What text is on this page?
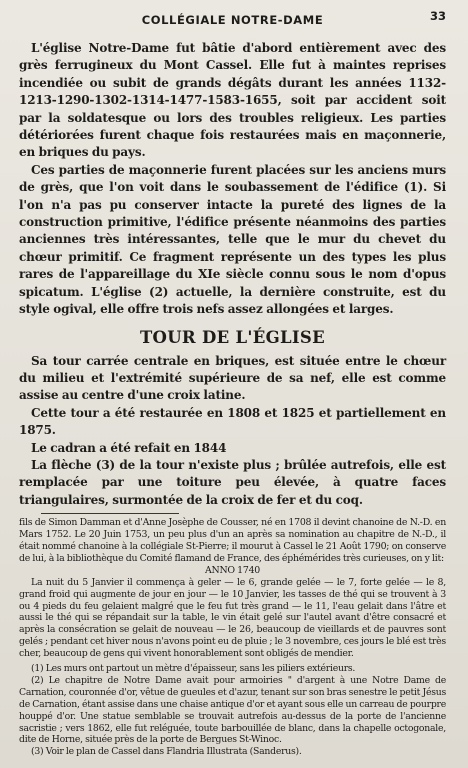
COLLÉGIALE NOTRE-DAME	33

L'église Notre-Dame fut bâtie d'abord entièrement avec des grès ferrugineux du Mont Cassel. Elle fut à maintes reprises incendiée ou subit de grands dégâts durant les années 1132-1213-1290-1302-1314-1477-1583-1655, soit par accident soit par la soldatesque ou lors des troubles religieux. Les parties détériorées furent chaque fois restaurées mais en maçonnerie, en briques du pays.

Ces parties de maçonnerie furent placées sur les anciens murs de grès, que l'on voit dans le soubassement de l'édifice (1). Si l'on n'a pas pu conserver intacte la pureté des lignes de la construction primitive, l'édifice présente néanmoins des parties anciennes très intéressantes, telle que le mur du chevet du chœur primitif. Ce fragment représente un des types les plus rares de l'appareillage du XIe siècle connu sous le nom d'opus spicatum. L'église (2) actuelle, la dernière construite, est du style ogival, elle offre trois nefs assez allongées et larges.

TOUR DE L'ÉGLISE

Sa tour carrée centrale en briques, est située entre le chœur du milieu et l'extrémité supérieure de sa nef, elle est comme assise au centre d'une croix latine.

Cette tour a été restaurée en 1808 et 1825 et partiellement en 1875.

Le cadran a été refait en 1844

La flèche (3) de la tour n'existe plus ; brûlée autrefois, elle est remplacée par une toiture peu élevée, à quatre faces triangulaires, surmontée de la croix de fer et du coq.

fils de Simon Damman et d'Anne Josèphe de Cousser, né en 1708 il devint chanoine de N.-D. en Mars 1752. Le 20 Juin 1753, un peu plus d'un an après sa nomination au chapitre de N.-D., il était nommé chanoine à la collégiale St-Pierre; il mourut à Cassel le 21 Août 1790; on conserve de lui, à la bibliothèque du Comité flamand de France, des éphémérides très curieuses, on y lit:

ANNO 1740

La nuit du 5 Janvier il commença à geler — le 6, grande gelée — le 7, forte gelée — le 8, grand froid qui augmente de jour en jour — le 10 Janvier, les tasses de thé qui se trouvent à 3 ou 4 pieds du feu gelaient malgré que le feu fut très grand — le 11, l'eau gelait dans l'âtre et aussi le thé qui se répandait sur la table, le vin était gelé sur l'autel avant d'être consacré et après la consécration se gelait de nouveau — le 26, beaucoup de vieillards et de pauvres sont gelés ; pendant cet hiver nous n'avons point eu de pluie ; le 3 novembre, ces jours le blé est très cher, beaucoup de gens qui vivent honorablement sont obligés de mendier.

(1) Les murs ont partout un mètre d'épaisseur, sans les piliers extérieurs.

(2) Le chapitre de Notre Dame avait pour armoiries " d'argent à une Notre Dame de Carnation, couronnée d'or, vêtue de gueules et d'azur, tenant sur son bras senestre le petit Jésus de Carnation, étant assise dans une chaise antique d'or et ayant sous elle un carreau de pourpre houppé d'or. Une statue semblable se trouvait autrefois au-dessus de la porte de l'ancienne sacristie ; vers 1862, elle fut reléguée, toute barbouillée de blanc, dans la chapelle octogonale, dite de Horne, située près de la porte de Bergues St-Winoc.

(3) Voir le plan de Cassel dans Flandria Illustrata (Sanderus).
